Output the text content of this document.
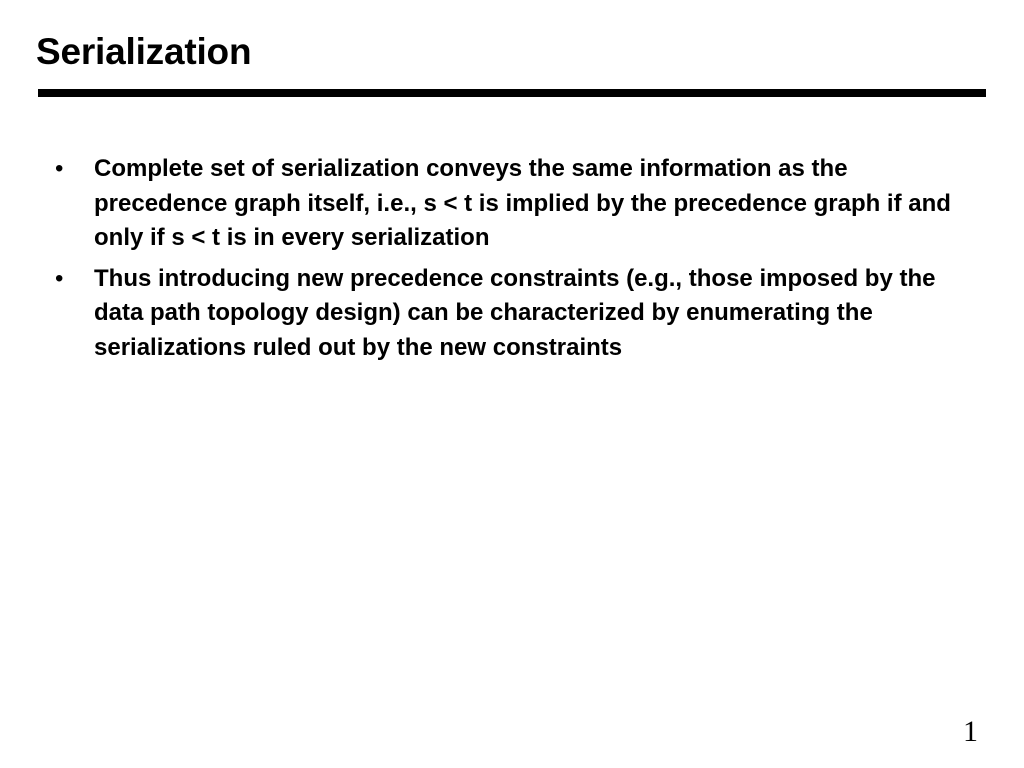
Serialization
• Complete set of serialization conveys the same information as the precedence graph itself, i.e., s < t is implied by the precedence graph if and only if s < t is in every serialization
• Thus introducing new precedence constraints (e.g., those imposed by the data path topology design) can be characterized by enumerating the serializations ruled out by the new constraints
1
